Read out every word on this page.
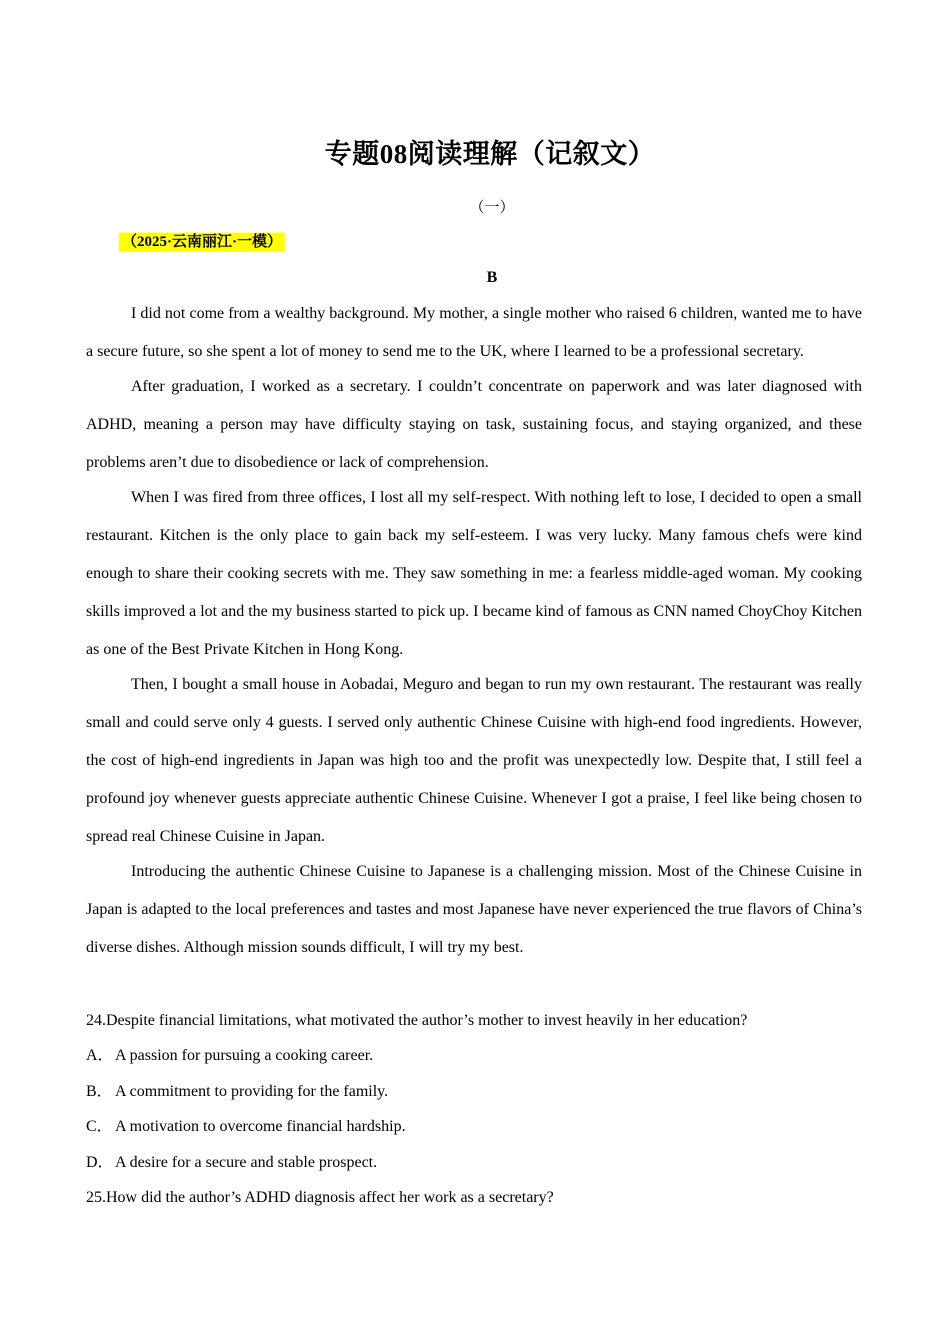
专题08阅读理解（记叙文）
（一）
（2025·云南丽江·一模）
B

I did not come from a wealthy background. My mother, a single mother who raised 6 children, wanted me to have a secure future, so she spent a lot of money to send me to the UK, where I learned to be a professional secretary.

After graduation, I worked as a secretary. I couldn’t concentrate on paperwork and was later diagnosed with ADHD, meaning a person may have difficulty staying on task, sustaining focus, and staying organized, and these problems aren’t due to disobedience or lack of comprehension.

When I was fired from three offices, I lost all my self-respect. With nothing left to lose, I decided to open a small restaurant. Kitchen is the only place to gain back my self-esteem. I was very lucky. Many famous chefs were kind enough to share their cooking secrets with me. They saw something in me: a fearless middle-aged woman. My cooking skills improved a lot and the my business started to pick up. I became kind of famous as CNN named ChoyChoy Kitchen as one of the Best Private Kitchen in Hong Kong.

Then, I bought a small house in Aobadai, Meguro and began to run my own restaurant. The restaurant was really small and could serve only 4 guests. I served only authentic Chinese Cuisine with high-end food ingredients. However, the cost of high-end ingredients in Japan was high too and the profit was unexpectedly low. Despite that, I still feel a profound joy whenever guests appreciate authentic Chinese Cuisine. Whenever I got a praise, I feel like being chosen to spread real Chinese Cuisine in Japan.

Introducing the authentic Chinese Cuisine to Japanese is a challenging mission. Most of the Chinese Cuisine in Japan is adapted to the local preferences and tastes and most Japanese have never experienced the true flavors of China’s diverse dishes. Although mission sounds difficult, I will try my best.

24.Despite financial limitations, what motivated the author’s mother to invest heavily in her education?
A．A passion for pursuing a cooking career.
B． A commitment to providing for the family.
C． A motivation to overcome financial hardship.
D．A desire for a secure and stable prospect.
25.How did the author’s ADHD diagnosis affect her work as a secretary?
